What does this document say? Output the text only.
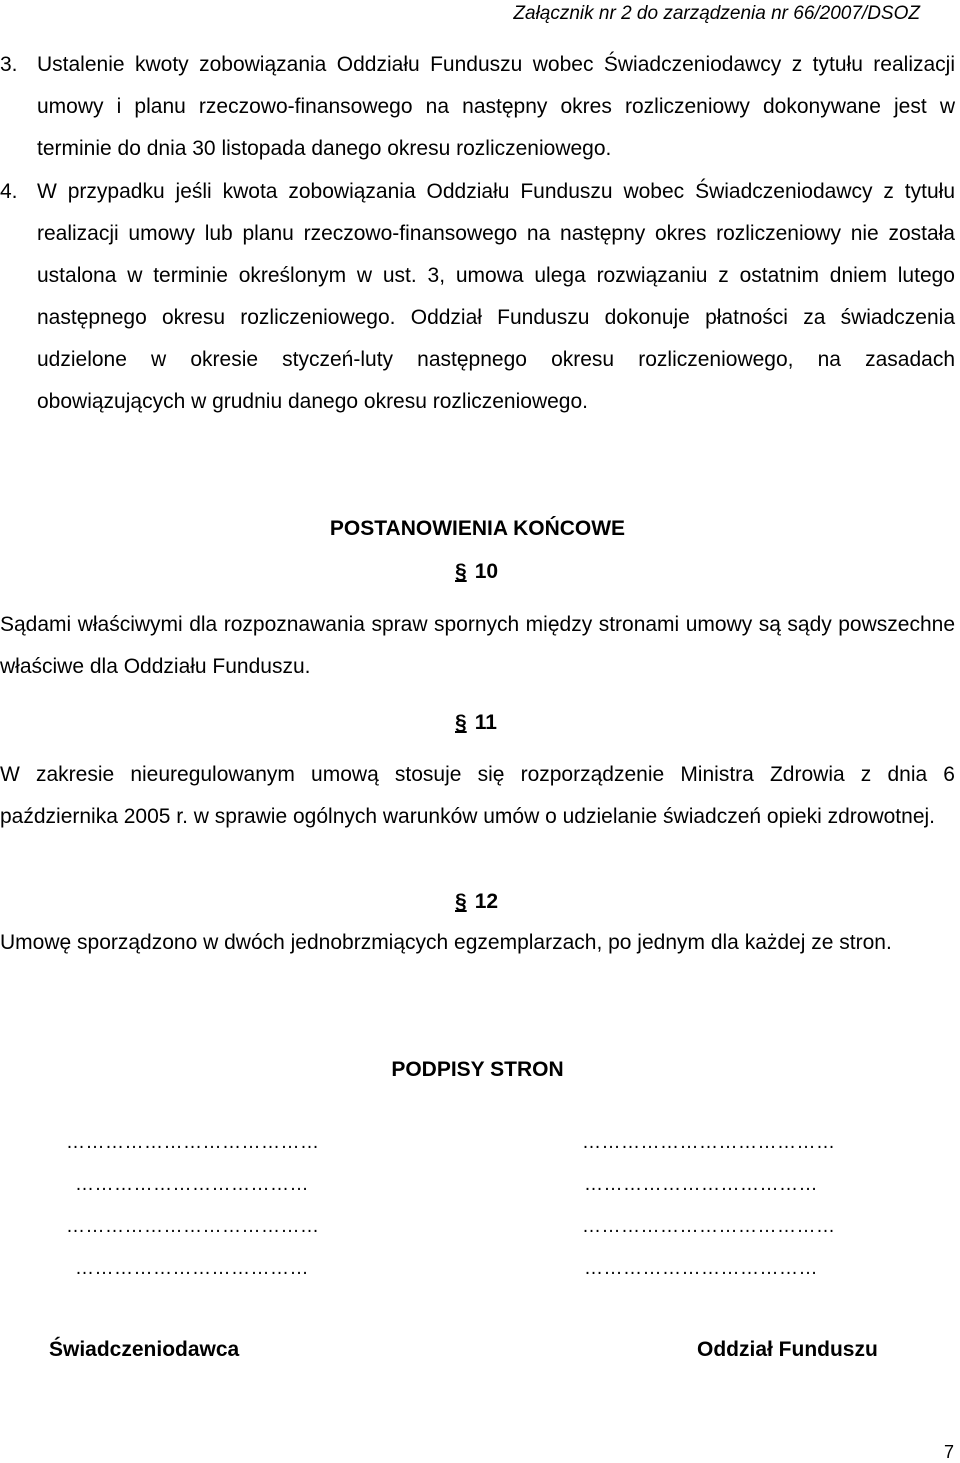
Załącznik nr 2 do zarządzenia nr 66/2007/DSOZ
3. Ustalenie kwoty zobowiązania Oddziału Funduszu wobec Świadczeniodawcy z tytułu realizacji umowy i planu rzeczowo-finansowego na następny okres rozliczeniowy dokonywane jest w terminie do dnia 30 listopada danego okresu rozliczeniowego.
4. W przypadku jeśli kwota zobowiązania Oddziału Funduszu wobec Świadczeniodawcy z tytułu realizacji umowy lub planu rzeczowo-finansowego na następny okres rozliczeniowy nie została ustalona w terminie określonym w ust. 3, umowa ulega rozwiązaniu z ostatnim dniem lutego następnego okresu rozliczeniowego. Oddział Funduszu dokonuje płatności za świadczenia udzielone w okresie styczeń-luty następnego okresu rozliczeniowego, na zasadach obowiązujących w grudniu danego okresu rozliczeniowego.
POSTANOWIENIA KOŃCOWE
§ 10
Sądami właściwymi dla rozpoznawania spraw spornych między stronami umowy są sądy powszechne właściwe dla Oddziału Funduszu.
§ 11
W zakresie nieuregulowanym umową stosuje się rozporządzenie Ministra Zdrowia z dnia 6 października 2005 r. w sprawie ogólnych warunków umów o udzielanie świadczeń opieki zdrowotnej.
§ 12
Umowę sporządzono w dwóch jednobrzmiących egzemplarzach, po jednym dla każdej ze stron.
PODPISY STRON
…………………………………
………………………………
…………………………………
………………………………
…………………………………
………………………………
…………………………………
………………………………
Świadczeniodawca	Oddział Funduszu
7
